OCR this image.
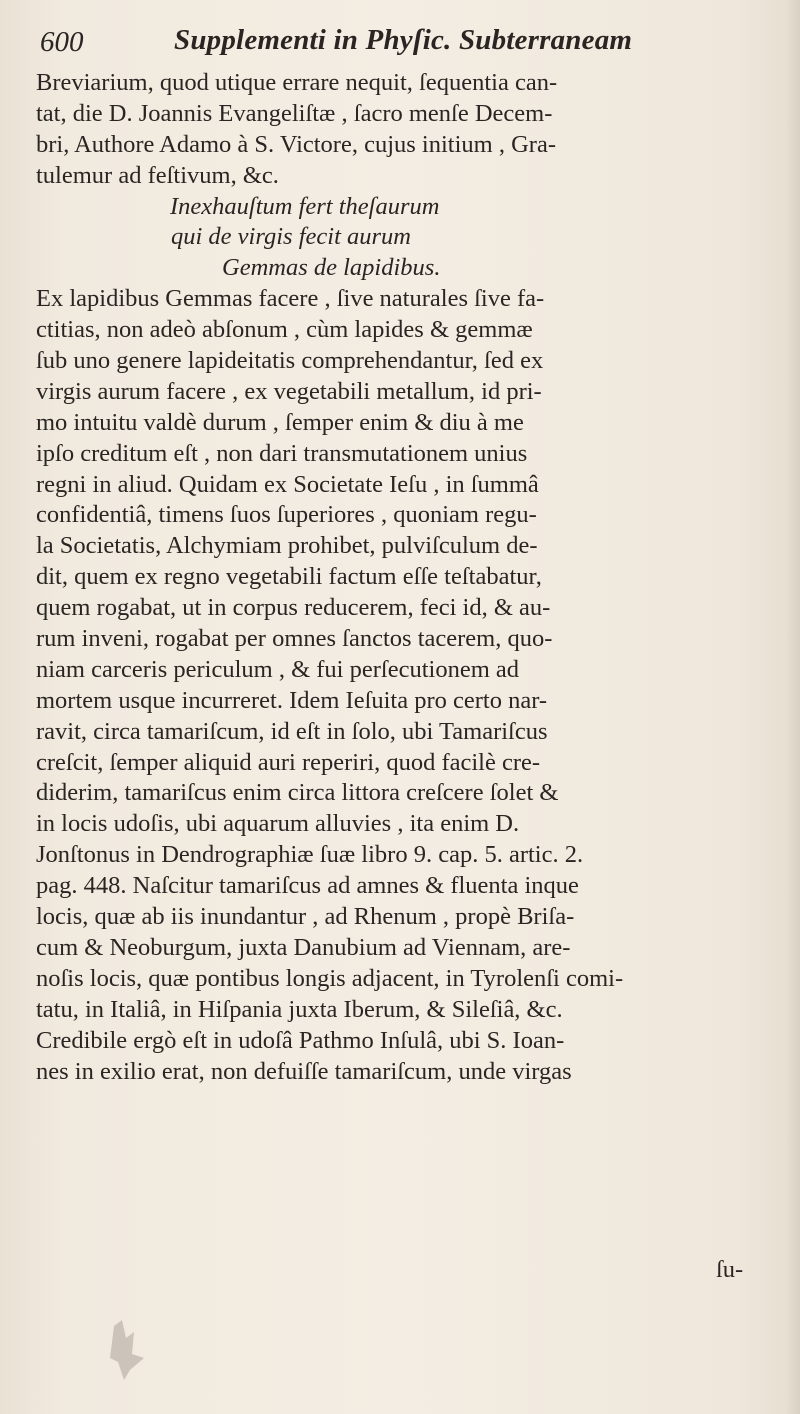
600	Supplementi in Phyſic. Subterraneam
Breviarium, quod utique errare nequit, ſequentia can-
tat, die D. Joannis Evangeliſtæ , ſacro menſe Decem-
bri, Authore Adamo à S. Victore, cujus initium , Gra-
tulemur ad feſtivum, &c.
Inexhauſtum fert theſaurum
qui de virgis fecit aurum
Gemmas de lapidibus.
Ex lapidibus Gemmas facere , ſive naturales ſive fa-
ctitias, non adeò abſonum , cùm lapides & gemmæ
ſub uno genere lapideitatis comprehendantur, ſed ex
virgis aurum facere , ex vegetabili metallum, id pri-
mo intuitu valdè durum , ſemper enim & diu à me
ipſo creditum eſt , non dari transmutationem unius
regni in aliud. Quidam ex Societate Ieſu , in ſummâ
confidentiâ, timens ſuos ſuperiores , quoniam regu-
la Societatis, Alchymiam prohibet, pulviſculum de-
dit, quem ex regno vegetabili factum eſſe teſtabatur,
quem rogabat, ut in corpus reducerem, feci id, & au-
rum inveni, rogabat per omnes ſanctos tacerem, quo-
niam carceris periculum , & fui perſecutionem ad
mortem usque incurreret. Idem Ieſuita pro certo nar-
ravit, circa tamariſcum, id eſt in ſolo, ubi Tamariſcus
creſcit, ſemper aliquid auri reperiri, quod facilè cre-
diderim, tamariſcus enim circa littora creſcere ſolet &
in locis udoſis, ubi aquarum alluvies , ita enim D.
Jonſtonus in Dendrographiæ ſuæ libro 9. cap. 5. artic. 2.
pag. 448. Naſcitur tamariſcus ad amnes & fluenta inque
locis, quæ ab iis inundantur , ad Rhenum , propè Briſa-
cum & Neoburgum, juxta Danubium ad Viennam, are-
noſis locis, quæ pontibus longis adjacent, in Tyrolenſi comi-
tatu, in Italiâ, in Hiſpania juxta Iberum, & Sileſiâ, &c.
Credibile ergò eſt in udoſâ Pathmo Inſulâ, ubi S. Ioan-
nes in exilio erat, non defuiſſe tamariſcum, unde virgas
ſu-
